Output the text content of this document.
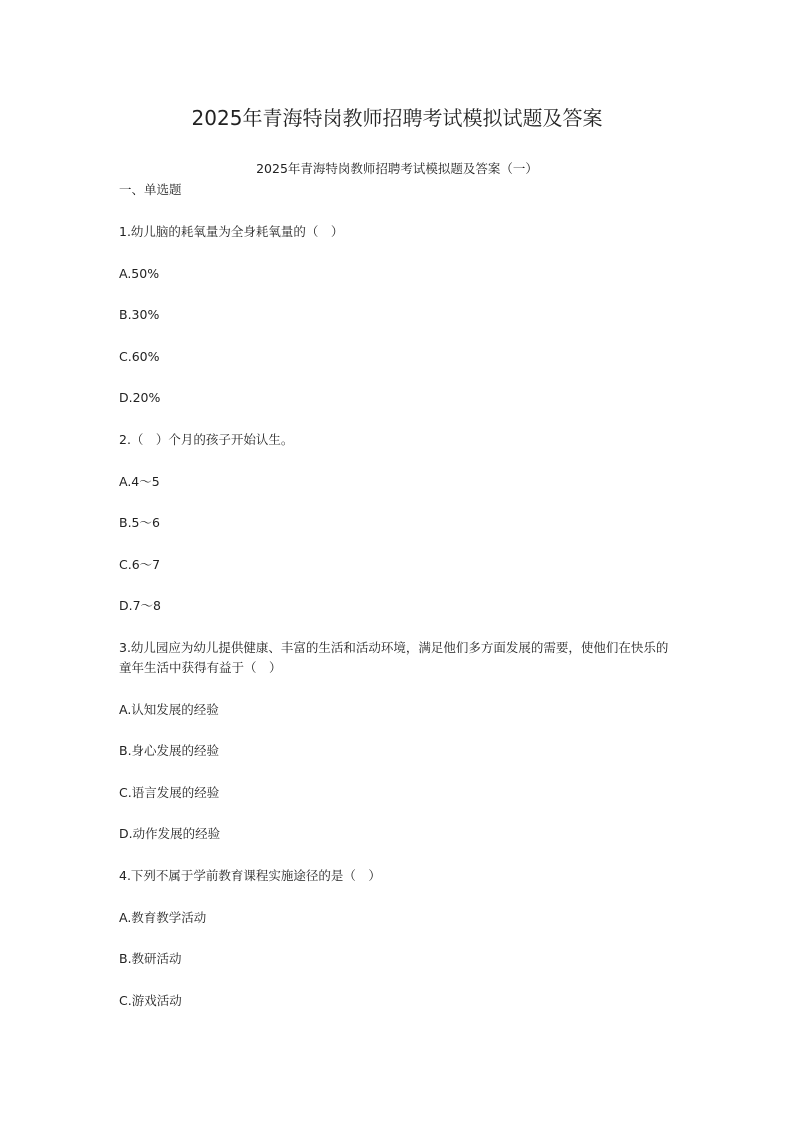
2025年青海特岗教师招聘考试模拟试题及答案
2025年青海特岗教师招聘考试模拟题及答案（一）
一、单选题

1.幼儿脑的耗氧量为全身耗氧量的（　）

A.50%

B.30%

C.60%

D.20%

2.（　）个月的孩子开始认生。

A.4～5

B.5～6

C.6～7

D.7～8

3.幼儿园应为幼儿提供健康、丰富的生活和活动环境，满足他们多方面发展的需要，使他们在快乐的童年生活中获得有益于（　）

A.认知发展的经验

B.身心发展的经验

C.语言发展的经验

D.动作发展的经验

4.下列不属于学前教育课程实施途径的是（　）

A.教育教学活动

B.教研活动

C.游戏活动
